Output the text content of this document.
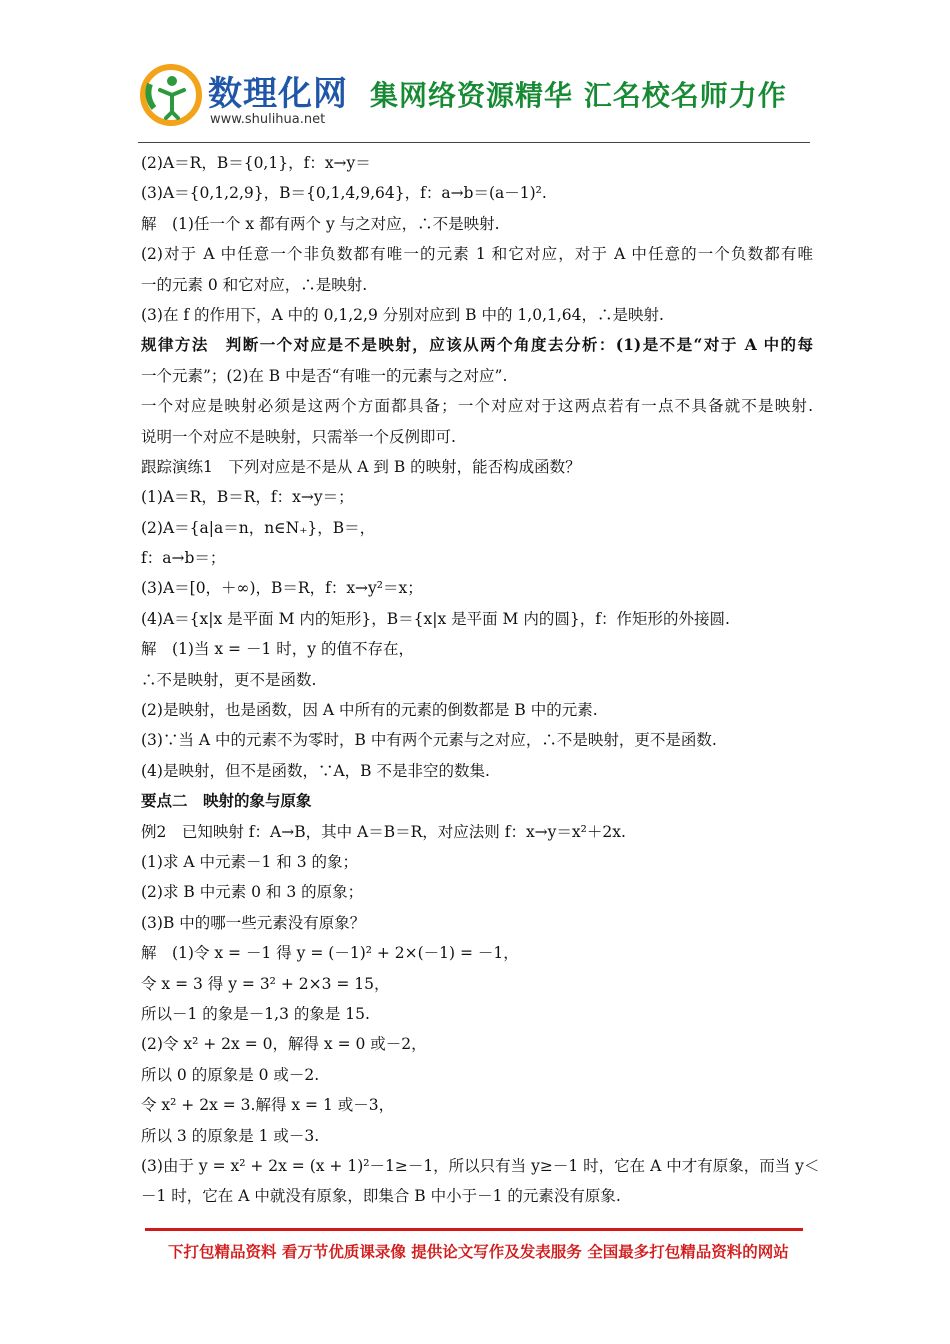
数理化网
www.shulihua.net
集网络资源精华 汇名校名师力作
(2)A＝R，B＝{0,1}，f：x→y＝
(3)A＝{0,1,2,9}，B＝{0,1,4,9,64}，f：a→b＝(a－1)².
解　(1)任一个 x 都有两个 y 与之对应，∴不是映射.
(2)对于 A 中任意一个非负数都有唯一的元素 1 和它对应，对于 A 中任意的一个负数都有唯
一的元素 0 和它对应，∴是映射.
(3)在 f 的作用下，A 中的 0,1,2,9 分别对应到 B 中的 1,0,1,64，∴是映射.
规律方法　判断一个对应是不是映射，应该从两个角度去分析：(1)是不是“对于 A 中的每
一个元素”；(2)在 B 中是否“有唯一的元素与之对应”.
一个对应是映射必须是这两个方面都具备；一个对应对于这两点若有一点不具备就不是映射.
说明一个对应不是映射，只需举一个反例即可.
跟踪演练1　下列对应是不是从 A 到 B 的映射，能否构成函数？
(1)A＝R，B＝R，f：x→y＝；
(2)A＝{a|a＝n，n∈N₊}，B＝，
f：a→b＝；
(3)A＝[0，＋∞)，B＝R，f：x→y²＝x；
(4)A＝{x|x 是平面 M 内的矩形}，B＝{x|x 是平面 M 内的圆}，f：作矩形的外接圆.
解　(1)当 x = －1 时，y 的值不存在，
∴不是映射，更不是函数.
(2)是映射，也是函数，因 A 中所有的元素的倒数都是 B 中的元素.
(3)∵当 A 中的元素不为零时，B 中有两个元素与之对应，∴不是映射，更不是函数.
(4)是映射，但不是函数，∵A，B 不是非空的数集.
要点二　映射的象与原象
例2　已知映射 f：A→B，其中 A＝B＝R，对应法则 f：x→y＝x²＋2x.
(1)求 A 中元素－1 和 3 的象；
(2)求 B 中元素 0 和 3 的原象；
(3)B 中的哪一些元素没有原象？
解　(1)令 x = －1 得 y = (－1)² + 2×(－1) = －1，
令 x = 3 得 y = 3² + 2×3 = 15，
所以－1 的象是－1,3 的象是 15.
(2)令 x² + 2x = 0，解得 x = 0 或－2，
所以 0 的原象是 0 或－2.
令 x² + 2x = 3.解得 x = 1 或－3，
所以 3 的原象是 1 或－3.
(3)由于 y = x² + 2x = (x + 1)²－1≥－1，所以只有当 y≥－1 时，它在 A 中才有原象，而当 y＜
－1 时，它在 A 中就没有原象，即集合 B 中小于－1 的元素没有原象.
下打包精品资料 看万节优质课录像 提供论文写作及发表服务 全国最多打包精品资料的网站
